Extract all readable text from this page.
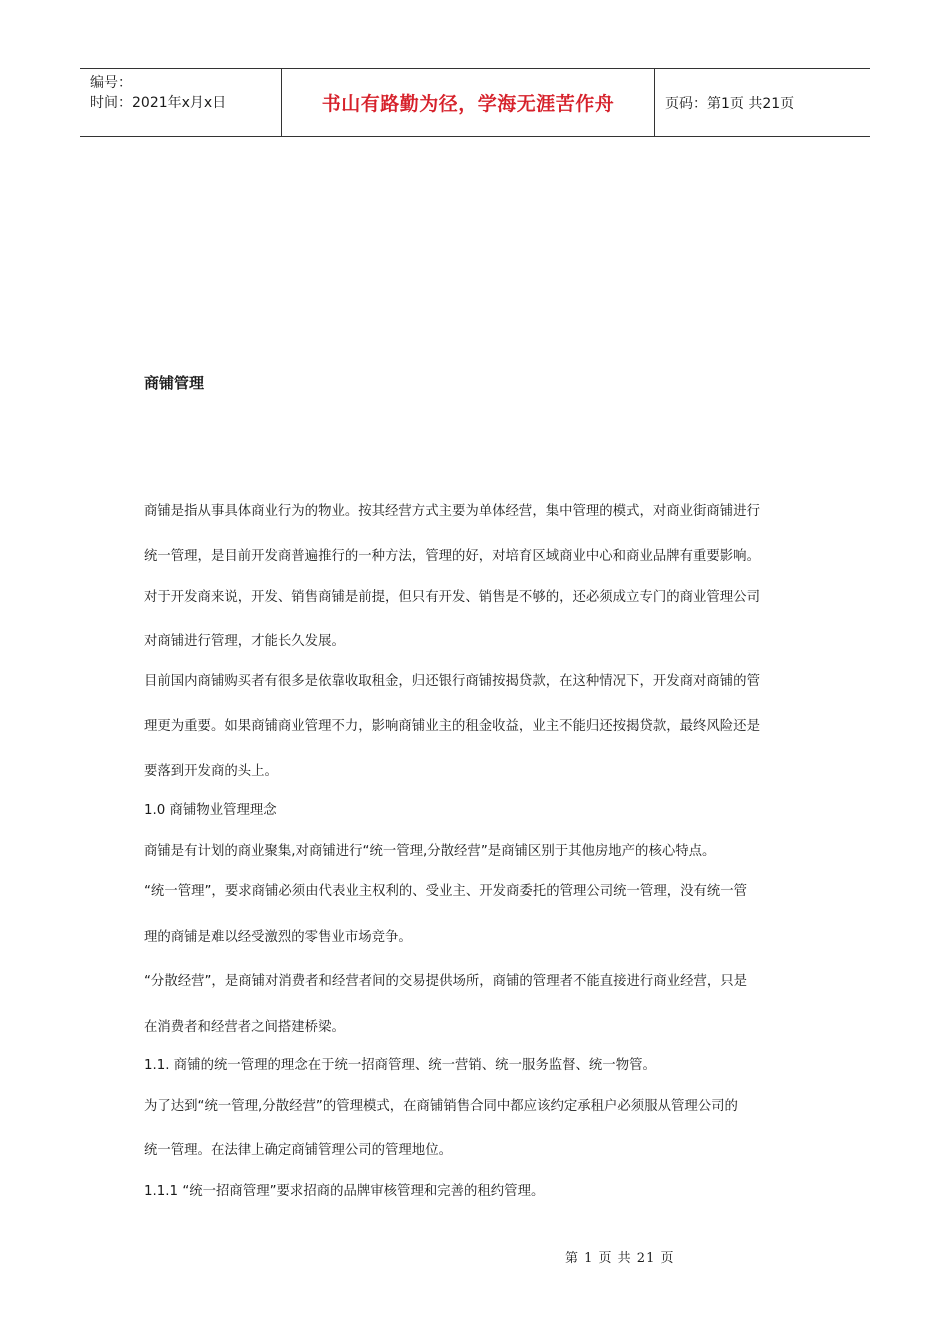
编号：
时间：2021年x月x日	书山有路勤为径，学海无涯苦作舟	页码：第1页 共21页
商铺管理
商铺是指从事具体商业行为的物业。按其经营方式主要为单体经营，集中管理的模式，对商业街商铺进行
统一管理，是目前开发商普遍推行的一种方法，管理的好，对培育区域商业中心和商业品牌有重要影响。
对于开发商来说，开发、销售商铺是前提，但只有开发、销售是不够的，还必须成立专门的商业管理公司
对商铺进行管理，才能长久发展。
目前国内商铺购买者有很多是依靠收取租金，归还银行商铺按揭贷款，在这种情况下，开发商对商铺的管
理更为重要。如果商铺商业管理不力，影响商铺业主的租金收益，业主不能归还按揭贷款，最终风险还是
要落到开发商的头上。
1.0 商铺物业管理理念
商铺是有计划的商业聚集,对商铺进行“统一管理,分散经营”是商铺区别于其他房地产的核心特点。
“统一管理”，要求商铺必须由代表业主权利的、受业主、开发商委托的管理公司统一管理，没有统一管
理的商铺是难以经受激烈的零售业市场竞争。
“分散经营”，是商铺对消费者和经营者间的交易提供场所，商铺的管理者不能直接进行商业经营，只是
在消费者和经营者之间搭建桥梁。
1.1. 商铺的统一管理的理念在于统一招商管理、统一营销、统一服务监督、统一物管。
为了达到“统一管理,分散经营”的管理模式，在商铺销售合同中都应该约定承租户必须服从管理公司的
统一管理。在法律上确定商铺管理公司的管理地位。
1.1.1 “统一招商管理”要求招商的品牌审核管理和完善的租约管理。
第 1 页 共 21 页
